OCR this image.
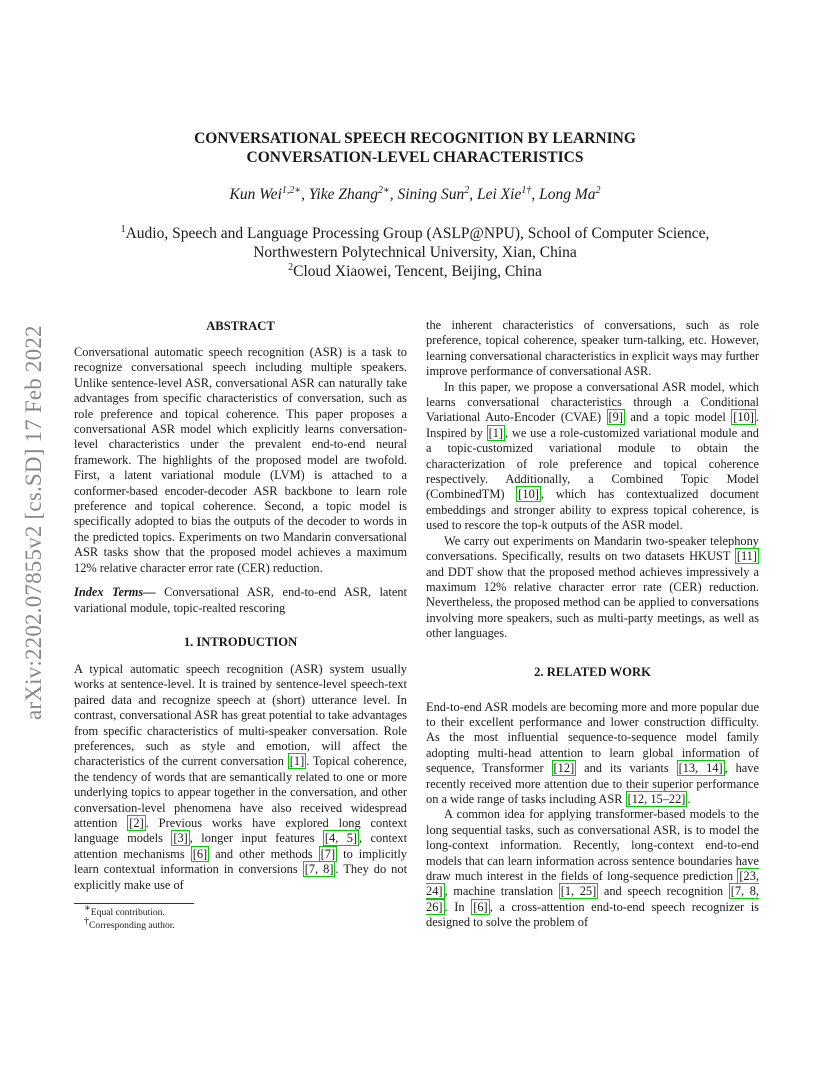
arXiv:2202.07855v2 [cs.SD] 17 Feb 2022
CONVERSATIONAL SPEECH RECOGNITION BY LEARNING
CONVERSATION-LEVEL CHARACTERISTICS
Kun Wei$^{1,2∗}$, Yike Zhang$^{2∗}$, Sining Sun$^2$, Lei Xie$^{1\dagger}$, Long Ma$^2$
$^1$Audio, Speech and Language Processing Group (ASLP@NPU), School of Computer Science,
Northwestern Polytechnical University, Xian, China
$^2$Cloud Xiaowei, Tencent, Beijing, China
ABSTRACT

Conversational automatic speech recognition (ASR) is a task to recognize conversational speech including multiple speakers. Unlike sentence-level ASR, conversational ASR can naturally take advantages from specific characteristics of conversation, such as role preference and topical coherence. This paper proposes a conversational ASR model which explicitly learns conversation-level characteristics under the prevalent end-to-end neural framework. The highlights of the proposed model are twofold. First, a latent variational module (LVM) is attached to a conformer-based encoder-decoder ASR backbone to learn role preference and topical coherence. Second, a topic model is specifically adopted to bias the outputs of the decoder to words in the predicted topics. Experiments on two Mandarin conversational ASR tasks show that the proposed model achieves a maximum 12% relative character error rate (CER) reduction.

Index Terms— Conversational ASR, end-to-end ASR, latent variational module, topic-realted rescoring

1. INTRODUCTION

A typical automatic speech recognition (ASR) system usually works at sentence-level. It is trained by sentence-level speech-text paired data and recognize speech at (short) utterance level. In contrast, conversational ASR has great potential to take advantages from specific characteristics of multi-speaker conversation. Role preferences, such as style and emotion, will affect the characteristics of the current conversation [1] . Topical coherence, the tendency of words that are semantically related to one or more underlying topics to appear together in the conversation, and other conversation-level phenomena have also received widespread attention [2] . Previous works have explored long context language models [3] , longer input features [4, 5] , context attention mechanisms [6] and other methods [7] to implicitly learn contextual information in conversions [7, 8] . They do not explicitly make use of

∗Equal contribution.
†Corresponding author.

the inherent characteristics of conversations, such as role preference, topical coherence, speaker turn-talking, etc. However, learning conversational characteristics in explicit ways may further improve performance of conversational ASR.

In this paper, we propose a conversational ASR model, which learns conversational characteristics through a Conditional Variational Auto-Encoder (CVAE) [9] and a topic model [10] . Inspired by [1] , we use a role-customized variational module and a topic-customized variational module to obtain the characterization of role preference and topical coherence respectively. Additionally, a Combined Topic Model (CombinedTM) [10] , which has contextualized document embeddings and stronger ability to express topical coherence, is used to rescore the top-k outputs of the ASR model.

We carry out experiments on Mandarin two-speaker telephony conversations. Specifically, results on two datasets HKUST [11] and DDT show that the proposed method achieves impressively a maximum 12% relative character error rate (CER) reduction. Nevertheless, the proposed method can be applied to conversations involving more speakers, such as multi-party meetings, as well as other languages.

2. RELATED WORK

End-to-end ASR models are becoming more and more popular due to their excellent performance and lower construction difficulty. As the most influential sequence-to-sequence model family adopting multi-head attention to learn global information of sequence, Transformer [12] and its variants [13, 14] , have recently received more attention due to their superior performance on a wide range of tasks including ASR [12, 15–22] .

A common idea for applying transformer-based models to the long sequential tasks, such as conversational ASR, is to model the long-context information. Recently, long-context end-to-end models that can learn information across sentence boundaries have draw much interest in the fields of long-sequence prediction [23, 24] , machine translation [1, 25] and speech recognition [7, 8, 26] . In [6] , a cross-attention end-to-end speech recognizer is designed to solve the problem of
